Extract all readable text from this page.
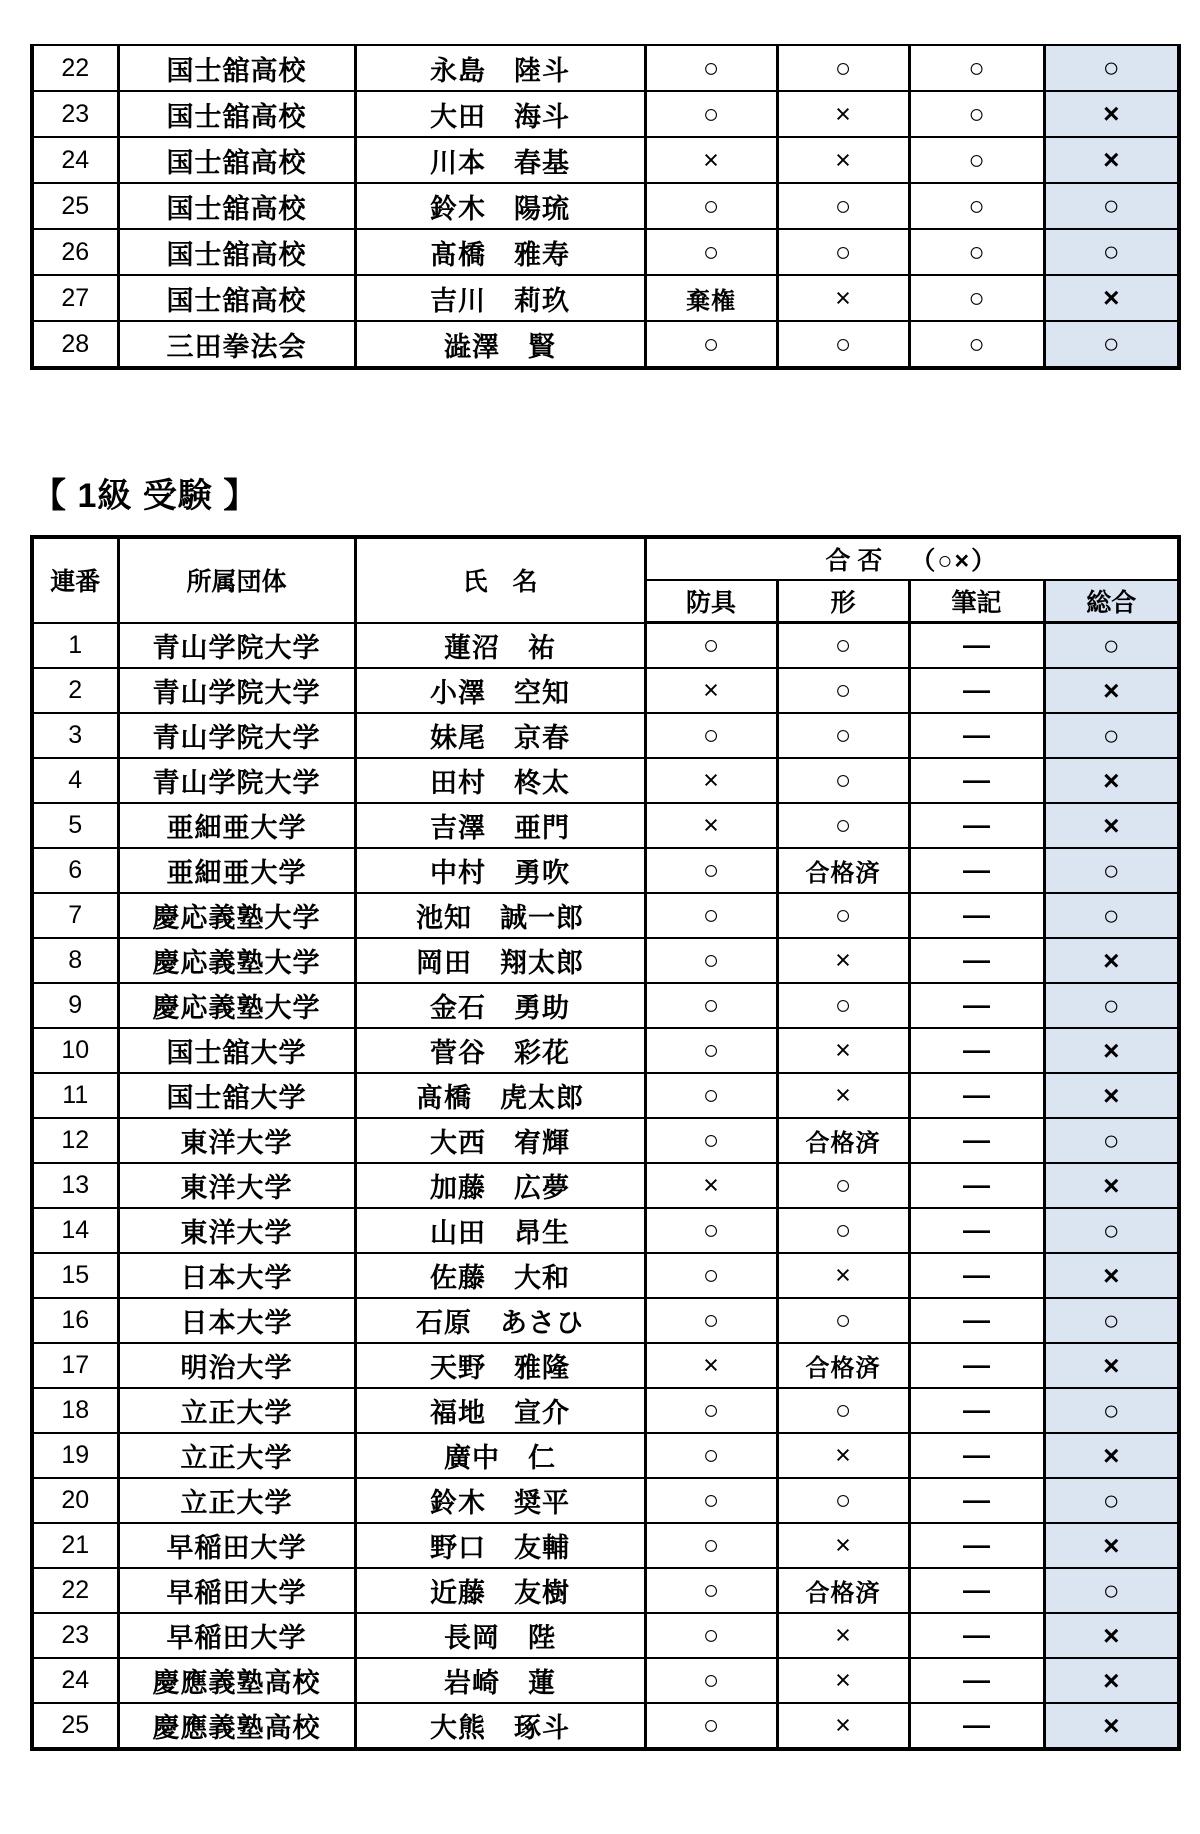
22	国士舘高校	永島　陸斗	○	○	○	○
23	国士舘高校	大田　海斗	○	×	○	×
24	国士舘高校	川本　春基	×	×	○	×
25	国士舘高校	鈴木　陽琉	○	○	○	○
26	国士舘高校	髙橋　雅寿	○	○	○	○
27	国士舘高校	吉川　莉玖	棄権	×	○	×
28	三田拳法会	澁澤　賢	○	○	○	○
【 1級 受験 】
連番	所属団体	氏　名	合 否 （○×）			
			防具	形	筆記	総合
1	青山学院大学	蓮沼　祐	○	○	—	○
2	青山学院大学	小澤　空知	×	○	—	×
3	青山学院大学	妹尾　京春	○	○	—	○
4	青山学院大学	田村　柊太	×	○	—	×
5	亜細亜大学	吉澤　亜門	×	○	—	×
6	亜細亜大学	中村　勇吹	○	合格済	—	○
7	慶応義塾大学	池知　誠一郎	○	○	—	○
8	慶応義塾大学	岡田　翔太郎	○	×	—	×
9	慶応義塾大学	金石　勇助	○	○	—	○
10	国士舘大学	菅谷　彩花	○	×	—	×
11	国士舘大学	髙橋　虎太郎	○	×	—	×
12	東洋大学	大西　宥輝	○	合格済	—	○
13	東洋大学	加藤　広夢	×	○	—	×
14	東洋大学	山田　昂生	○	○	—	○
15	日本大学	佐藤　大和	○	×	—	×
16	日本大学	石原　あさひ	○	○	—	○
17	明治大学	天野　雅隆	×	合格済	—	×
18	立正大学	福地　宣介	○	○	—	○
19	立正大学	廣中　仁	○	×	—	×
20	立正大学	鈴木　奨平	○	○	—	○
21	早稲田大学	野口　友輔	○	×	—	×
22	早稲田大学	近藤　友樹	○	合格済	—	○
23	早稲田大学	長岡　陛	○	×	—	×
24	慶應義塾高校	岩崎　蓮	○	×	—	×
25	慶應義塾高校	大熊　琢斗	○	×	—	×
